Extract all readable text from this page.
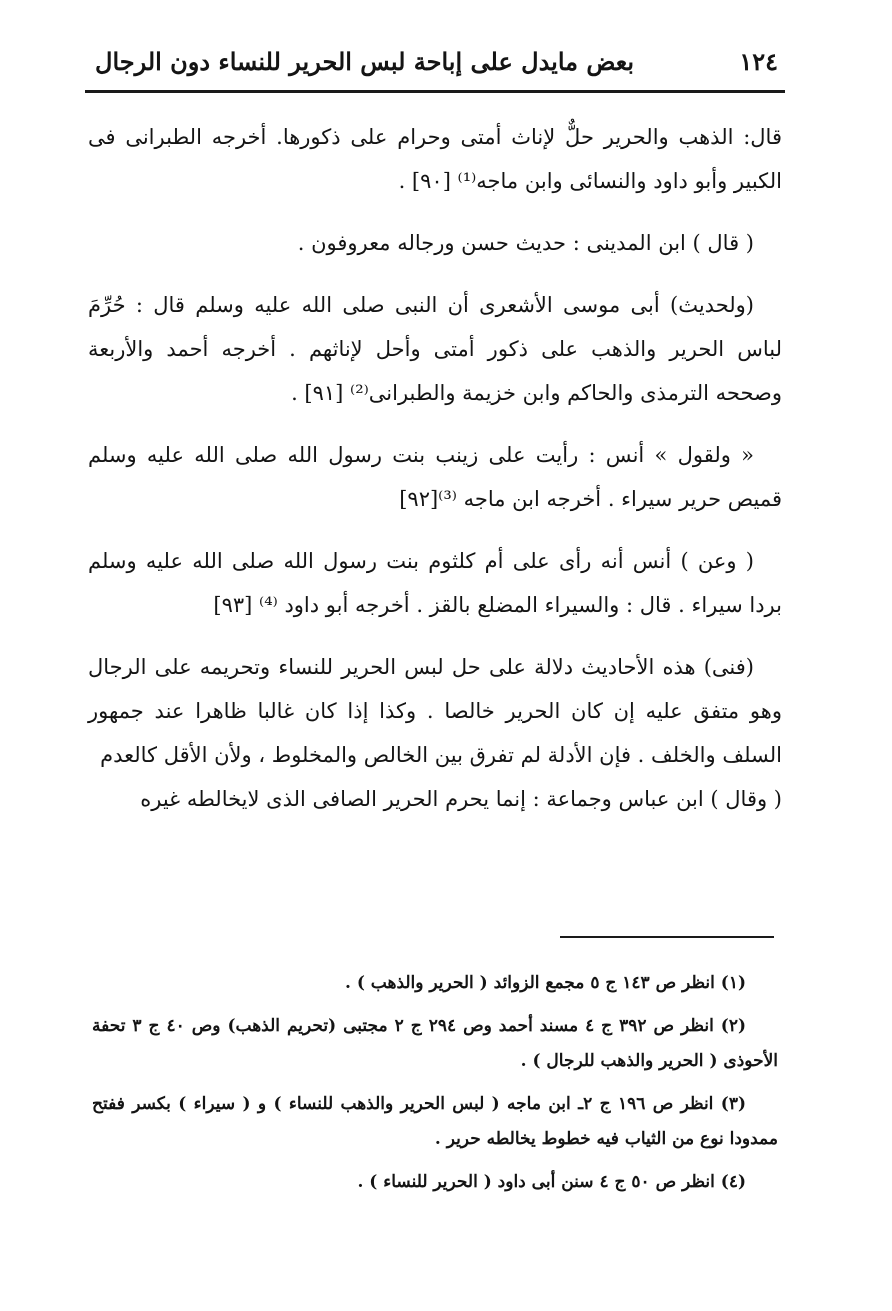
١٢٤
بعض مايدل على إباحة لبس الحرير للنساء دون الرجال

قال: الذهب والحرير حلٌّ لإناث أمتى وحرام على ذكورها. أخرجه الطبرانى فى الكبير وأبو داود والنسائى وابن ماجه⁽¹⁾ [٩٠] .

( قال ) ابن المدينى : حديث حسن ورجاله معروفون .

(ولحديث) أبى موسى الأشعرى أن النبى صلى الله عليه وسلم قال : حُرِّمَ لباس الحرير والذهب على ذكور أمتى وأحل لإناثهم . أخرجه أحمد والأربعة وصححه الترمذى والحاكم وابن خزيمة والطبرانى⁽²⁾ [٩١] .

« ولقول » أنس : رأيت على زينب بنت رسول الله صلى الله عليه وسلم قميص حرير سيراء . أخرجه ابن ماجه ⁽³⁾[٩٢]

( وعن ) أنس أنه رأى على أم كلثوم بنت رسول الله صلى الله عليه وسلم بردا سيراء . قال : والسيراء المضلع بالقز . أخرجه أبو داود ⁽⁴⁾ [٩٣]

(فنى) هذه الأحاديث دلالة على حل لبس الحرير للنساء وتحريمه على الرجال وهو متفق عليه إن كان الحرير خالصا . وكذا إذا كان غالبا ظاهرا عند جمهور السلف والخلف . فإن الأدلة لم تفرق بين الخالص والمخلوط ، ولأن الأقل كالعدم

( وقال ) ابن عباس وجماعة : إنما يحرم الحرير الصافى الذى لايخالطه غيره

(١) انظر ص ١٤٣ ج ٥ مجمع الزوائد ( الحرير والذهب ) .

(٢) انظر ص ٣٩٢ ج ٤ مسند أحمد وص ٢٩٤ ج ٢ مجتبى (تحريم الذهب) وص ٤٠ ج ٣ تحفة الأحوذى ( الحرير والذهب للرجال ) .

(٣) انظر ص ١٩٦ ج ٢ـ ابن ماجه ( لبس الحرير والذهب للنساء ) و ( سيراء ) بكسر ففتح ممدودا نوع من الثياب فيه خطوط يخالطه حرير .

(٤) انظر ص ٥٠ ج ٤ سنن أبى داود ( الحرير للنساء ) .
